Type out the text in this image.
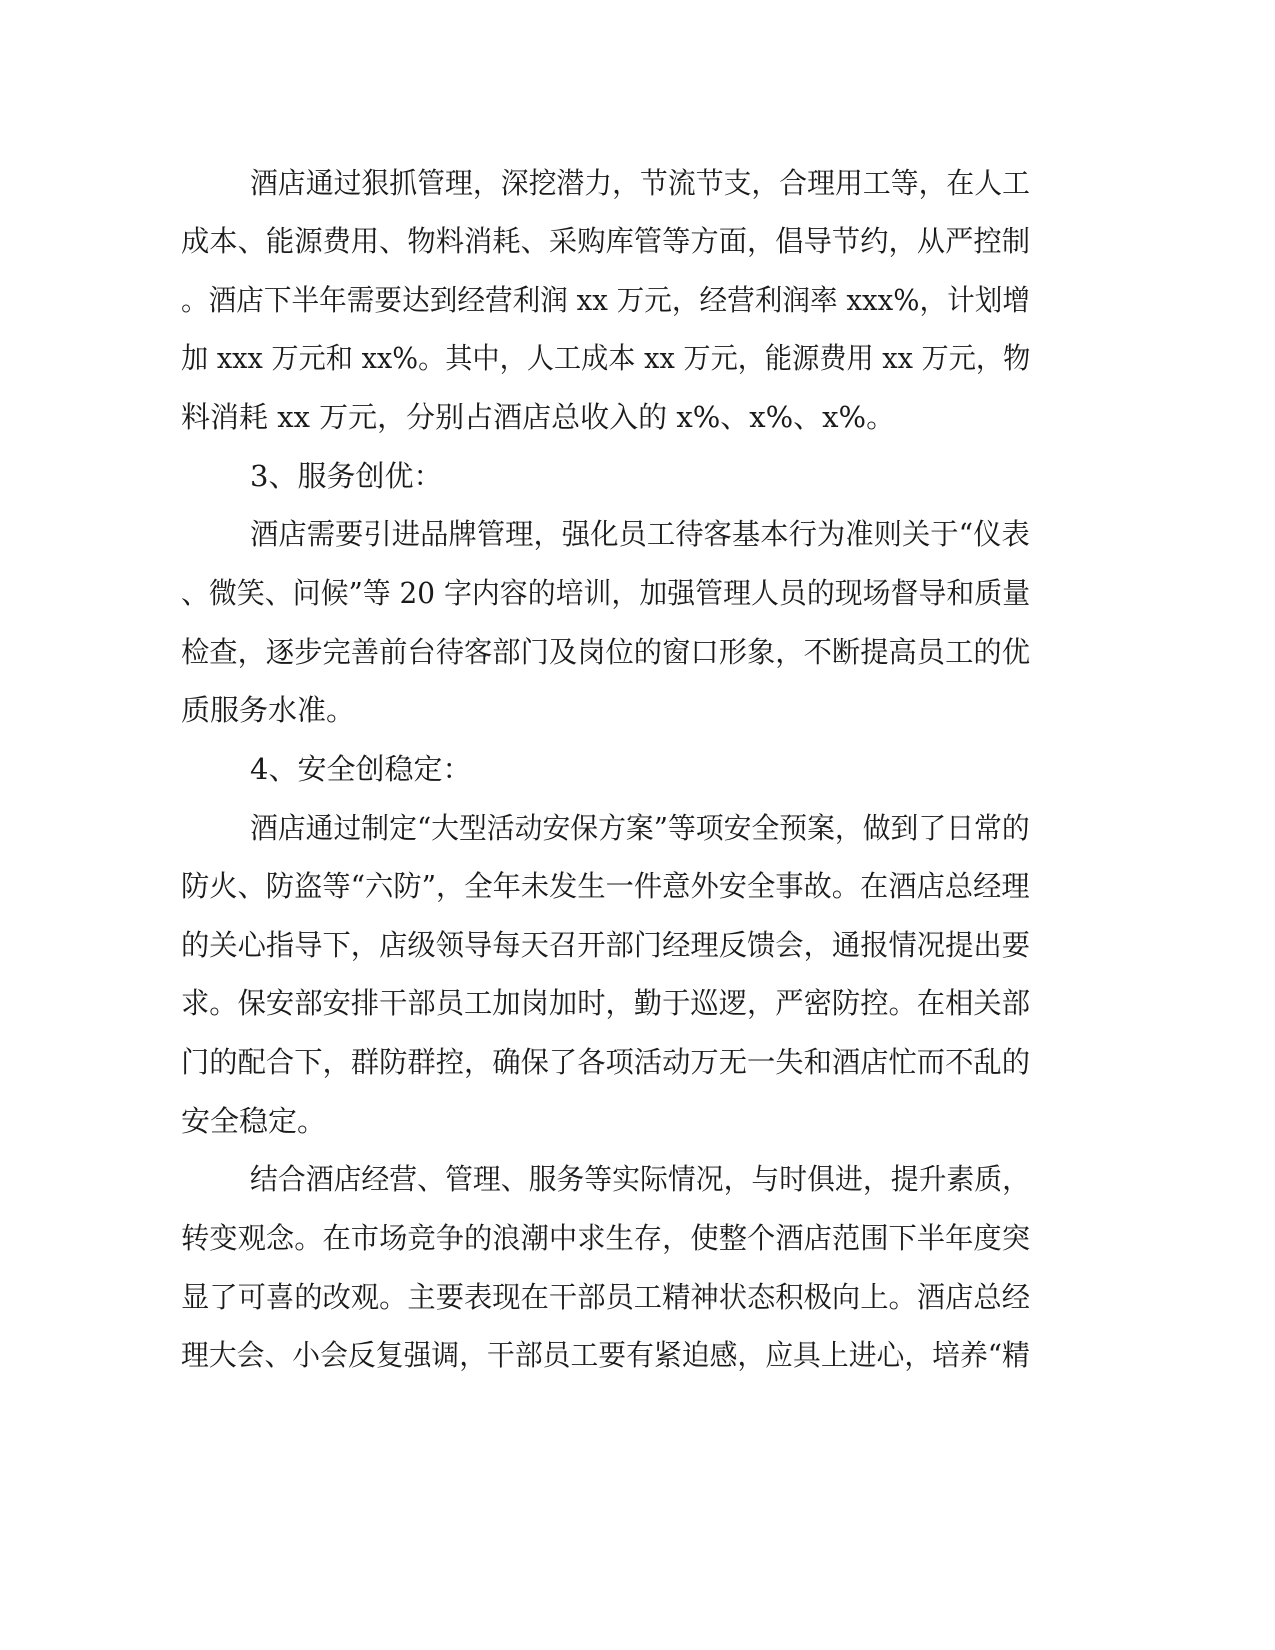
酒店通过狠抓管理，深挖潜力，节流节支，合理用工等，在人工
成本、能源费用、物料消耗、采购库管等方面，倡导节约，从严控制
。酒店下半年需要达到经营利润 xx 万元，经营利润率 xxx%，计划增
加 xxx 万元和 xx%。其中，人工成本 xx 万元，能源费用 xx 万元，物
料消耗 xx 万元，分别占酒店总收入的 x%、x%、x%。
3、服务创优：
酒店需要引进品牌管理，强化员工待客基本行为准则关于“仪表
、微笑、问候”等 20 字内容的培训，加强管理人员的现场督导和质量
检查，逐步完善前台待客部门及岗位的窗口形象，不断提高员工的优
质服务水准。
4、安全创稳定：
酒店通过制定“大型活动安保方案”等项安全预案，做到了日常的
防火、防盗等“六防”，全年未发生一件意外安全事故。在酒店总经理
的关心指导下，店级领导每天召开部门经理反馈会，通报情况提出要
求。保安部安排干部员工加岗加时，勤于巡逻，严密防控。在相关部
门的配合下，群防群控，确保了各项活动万无一失和酒店忙而不乱的
安全稳定。
结合酒店经营、管理、服务等实际情况，与时俱进，提升素质，
转变观念。在市场竞争的浪潮中求生存，使整个酒店范围下半年度突
显了可喜的改观。主要表现在干部员工精神状态积极向上。酒店总经
理大会、小会反复强调，干部员工要有紧迫感，应具上进心，培养“精
